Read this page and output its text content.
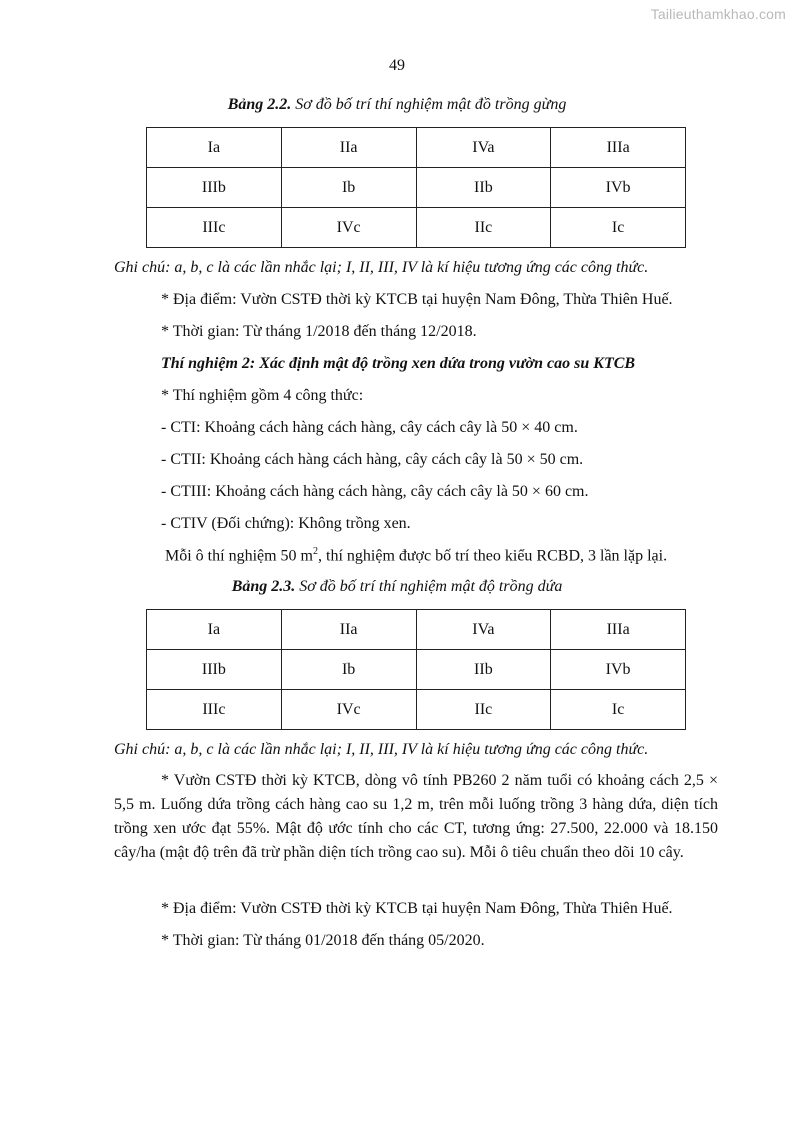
Tailieuthamkhao.com
49
Bảng 2.2. Sơ đồ bố trí thí nghiệm mật đồ trồng gừng
Ia	IIa	IVa	IIIa
IIIb	Ib	IIb	IVb
IIIc	IVc	IIc	Ic
Ghi chú: a, b, c là các lần nhắc lại; I, II, III, IV là kí hiệu tương ứng các công thức.
* Địa điểm: Vườn CSTĐ thời kỳ KTCB tại huyện Nam Đông, Thừa Thiên Huế.
* Thời gian: Từ tháng 1/2018 đến tháng 12/2018.
Thí nghiệm 2: Xác định mật độ trồng xen dứa trong vườn cao su KTCB
* Thí nghiệm gồm 4 công thức:
- CTI: Khoảng cách hàng cách hàng, cây cách cây là 50 × 40 cm.
- CTII: Khoảng cách hàng cách hàng, cây cách cây là 50 × 50 cm.
- CTIII: Khoảng cách hàng cách hàng, cây cách cây là 50 × 60 cm.
- CTIV (Đối chứng): Không trồng xen.
Mỗi ô thí nghiệm 50 $m^2$, thí nghiệm được bố trí theo kiểu RCBD, 3 lần lặp lại.
Bảng 2.3. Sơ đồ bố trí thí nghiệm mật độ trồng dứa
Ia	IIa	IVa	IIIa
IIIb	Ib	IIb	IVb
IIIc	IVc	IIc	Ic
Ghi chú: a, b, c là các lần nhắc lại; I, II, III, IV là kí hiệu tương ứng các công thức.
* Vườn CSTĐ thời kỳ KTCB, dòng vô tính PB260 2 năm tuổi có khoảng cách 2,5 × 5,5 m. Luống dứa trồng cách hàng cao su 1,2 m, trên mỗi luống trồng 3 hàng dứa, diện tích trồng xen ước đạt 55%. Mật độ ước tính cho các CT, tương ứng: 27.500, 22.000 và 18.150 cây/ha (mật độ trên đã trừ phần diện tích trồng cao su). Mỗi ô tiêu chuẩn theo dõi 10 cây.
* Địa điểm: Vườn CSTĐ thời kỳ KTCB tại huyện Nam Đông, Thừa Thiên Huế.
* Thời gian: Từ tháng 01/2018 đến tháng 05/2020.
